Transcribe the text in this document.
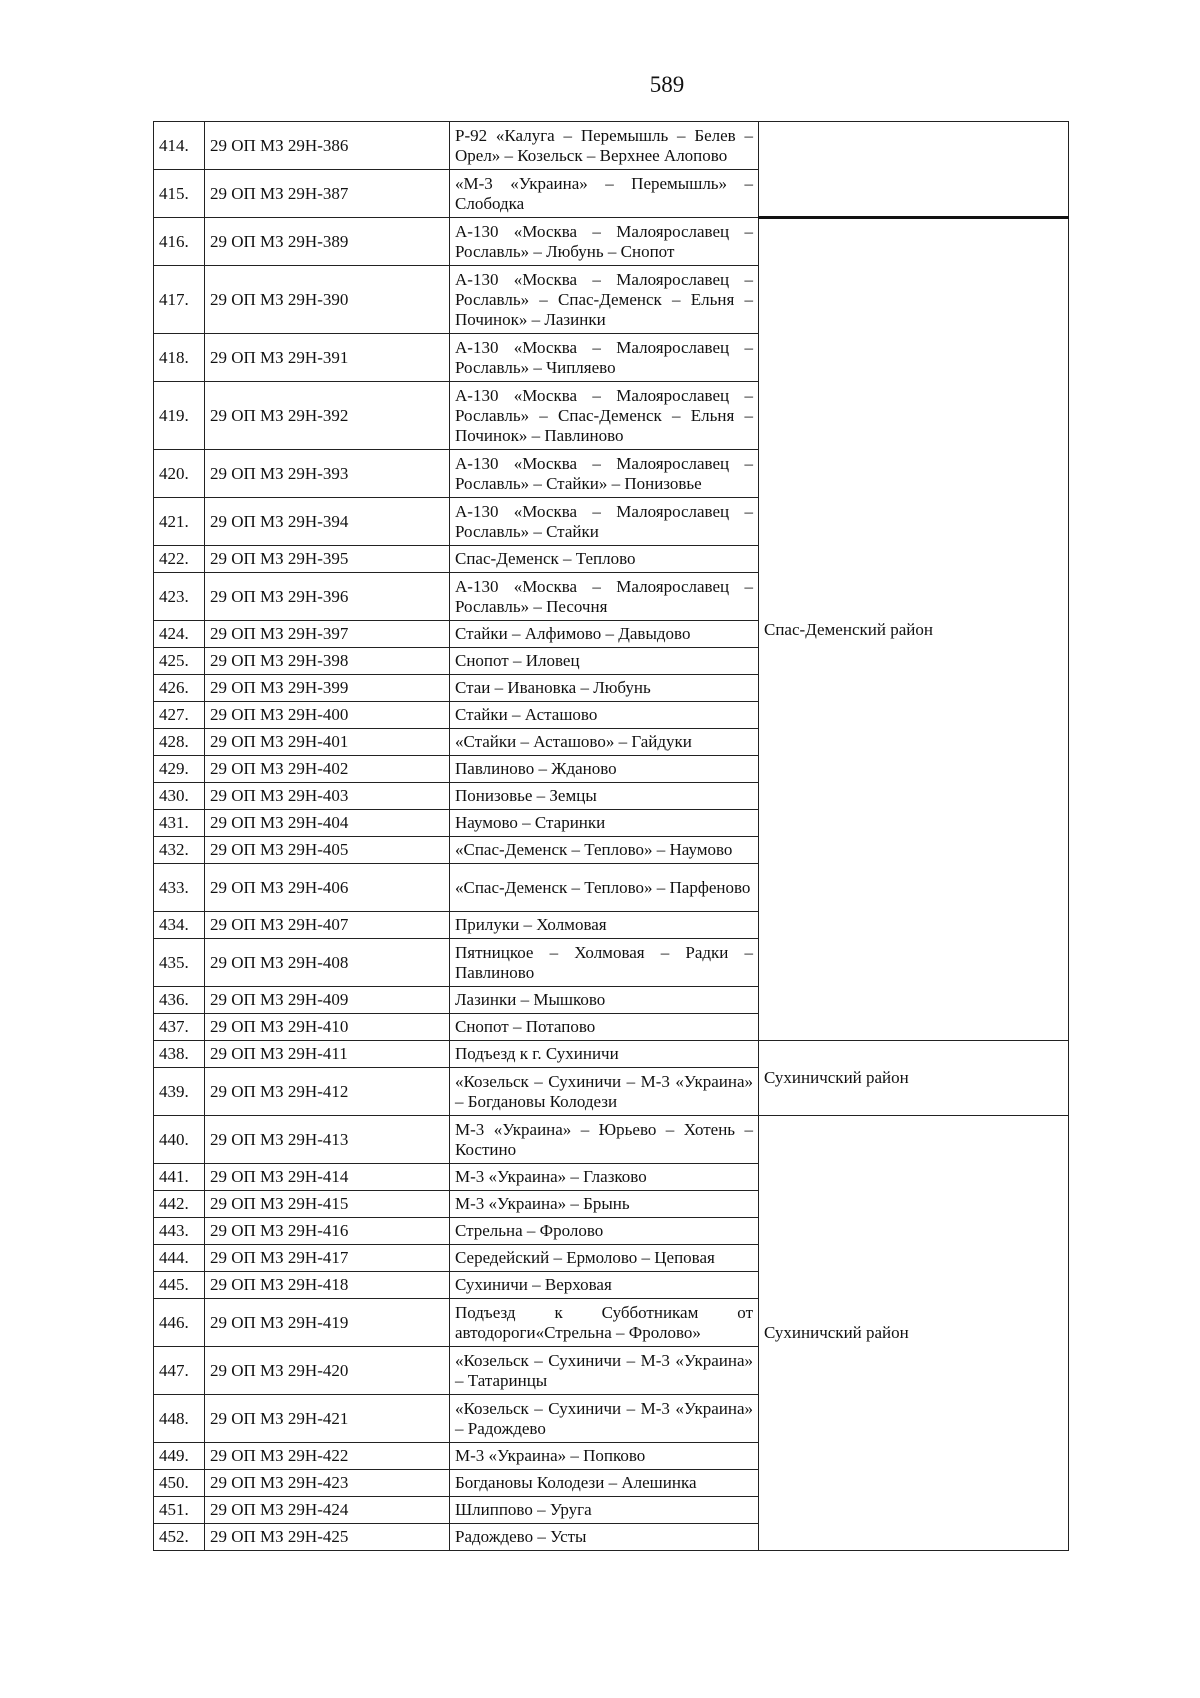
589
414.	29 ОП МЗ 29Н-386	Р-92 «Калуга – Перемышль – Белев – Орел» – Козельск – Верхнее Алопово	
415.	29 ОП МЗ 29Н-387	«М-3 «Украина» – Перемышль» – Слободка	
416.	29 ОП МЗ 29Н-389	А-130 «Москва – Малоярославец – Рославль» – Любунь – Снопот	Спас-Деменский район
417.	29 ОП МЗ 29Н-390	А-130 «Москва – Малоярославец – Рославль» – Спас-Деменск – Ельня – Починок» – Лазинки	
418.	29 ОП МЗ 29Н-391	А-130 «Москва – Малоярославец – Рославль» – Чипляево	
419.	29 ОП МЗ 29Н-392	А-130 «Москва – Малоярославец – Рославль» – Спас-Деменск – Ельня – Починок» – Павлиново	
420.	29 ОП МЗ 29Н-393	А-130 «Москва – Малоярославец – Рославль» – Стайки» – Понизовье	
421.	29 ОП МЗ 29Н-394	А-130 «Москва – Малоярославец – Рославль» – Стайки	
422.	29 ОП МЗ 29Н-395	Спас-Деменск – Теплово	
423.	29 ОП МЗ 29Н-396	А-130 «Москва – Малоярославец – Рославль» – Песочня	
424.	29 ОП МЗ 29Н-397	Стайки – Алфимово – Давыдово	
425.	29 ОП МЗ 29Н-398	Снопот – Иловец	
426.	29 ОП МЗ 29Н-399	Стаи – Ивановка – Любунь	
427.	29 ОП МЗ 29Н-400	Стайки – Асташово	
428.	29 ОП МЗ 29Н-401	«Стайки – Асташово» – Гайдуки	
429.	29 ОП МЗ 29Н-402	Павлиново – Жданово	
430.	29 ОП МЗ 29Н-403	Понизовье – Земцы	
431.	29 ОП МЗ 29Н-404	Наумово – Старинки	
432.	29 ОП МЗ 29Н-405	«Спас-Деменск – Теплово» – Наумово	
433.	29 ОП МЗ 29Н-406	«Спас-Деменск – Теплово» – Парфеново	
434.	29 ОП МЗ 29Н-407	Прилуки – Холмовая	
435.	29 ОП МЗ 29Н-408	Пятницкое – Холмовая – Радки – Павлиново	
436.	29 ОП МЗ 29Н-409	Лазинки – Мышково	
437.	29 ОП МЗ 29Н-410	Снопот – Потапово	
438.	29 ОП МЗ 29Н-411	Подъезд к г. Сухиничи	Сухиничский район
439.	29 ОП МЗ 29Н-412	«Козельск – Сухиничи – М-3 «Украина» – Богдановы Колодези	
440.	29 ОП МЗ 29Н-413	М-3 «Украина» – Юрьево – Хотень – Костино	Сухиничский район
441.	29 ОП МЗ 29Н-414	М-3 «Украина» – Глазково	
442.	29 ОП МЗ 29Н-415	М-3 «Украина» – Брынь	
443.	29 ОП МЗ 29Н-416	Стрельна – Фролово	
444.	29 ОП МЗ 29Н-417	Середейский – Ермолово – Цеповая	
445.	29 ОП МЗ 29Н-418	Сухиничи – Верховая	
446.	29 ОП МЗ 29Н-419	Подъезд к Субботникам от автодороги«Стрельна – Фролово»	
447.	29 ОП МЗ 29Н-420	«Козельск – Сухиничи – М-3 «Украина» – Татаринцы	
448.	29 ОП МЗ 29Н-421	«Козельск – Сухиничи – М-3 «Украина» – Радождево	
449.	29 ОП МЗ 29Н-422	М-3 «Украина» – Попково	
450.	29 ОП МЗ 29Н-423	Богдановы Колодези – Алешинка	
451.	29 ОП МЗ 29Н-424	Шлиппово – Уруга	
452.	29 ОП МЗ 29Н-425	Радождево – Усты	
